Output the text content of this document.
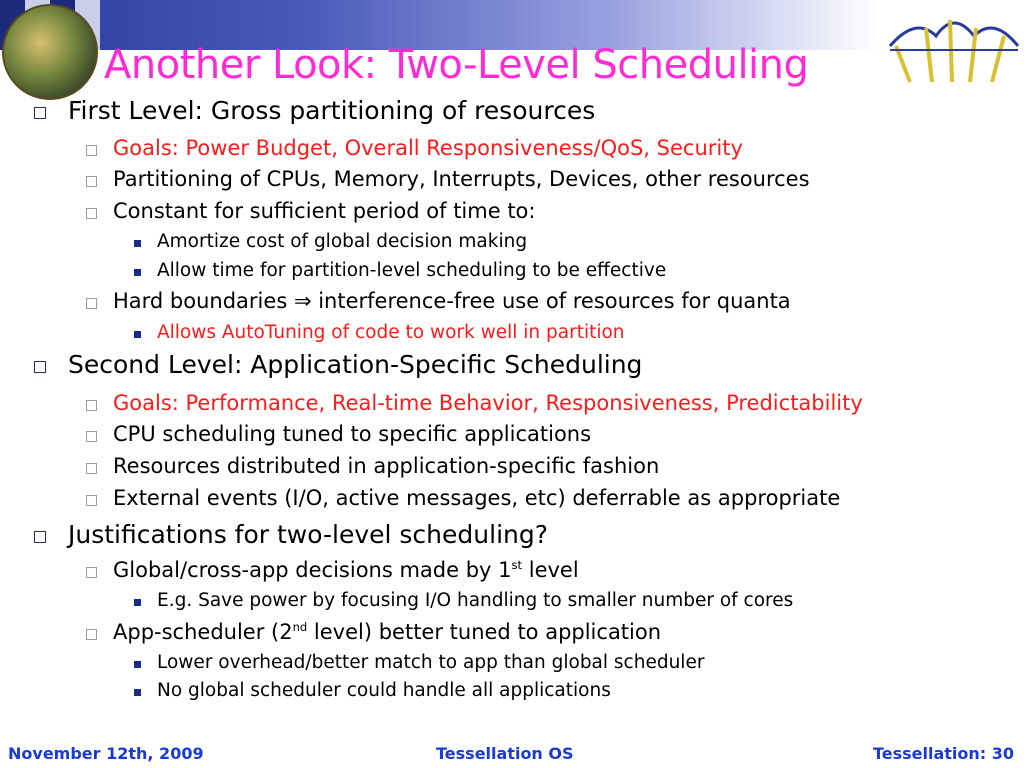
Another Look: Two-Level Scheduling
First Level: Gross partitioning of resources
Goals: Power Budget, Overall Responsiveness/QoS, Security
Partitioning of CPUs, Memory, Interrupts, Devices, other resources
Constant for sufficient period of time to:
Amortize cost of global decision making
Allow time for partition-level scheduling to be effective
Hard boundaries ⇒ interference-free use of resources for quanta
Allows AutoTuning of code to work well in partition
Second Level: Application-Specific Scheduling
Goals: Performance, Real-time Behavior, Responsiveness, Predictability
CPU scheduling tuned to specific applications
Resources distributed in application-specific fashion
External events (I/O, active messages, etc) deferrable as appropriate
Justifications for two-level scheduling?
Global/cross-app decisions made by 1st level
E.g. Save power by focusing I/O handling to smaller number of cores
App-scheduler (2nd level) better tuned to application
Lower overhead/better match to app than global scheduler
No global scheduler could handle all applications
November 12th, 2009	Tessellation OS	Tessellation: 30
